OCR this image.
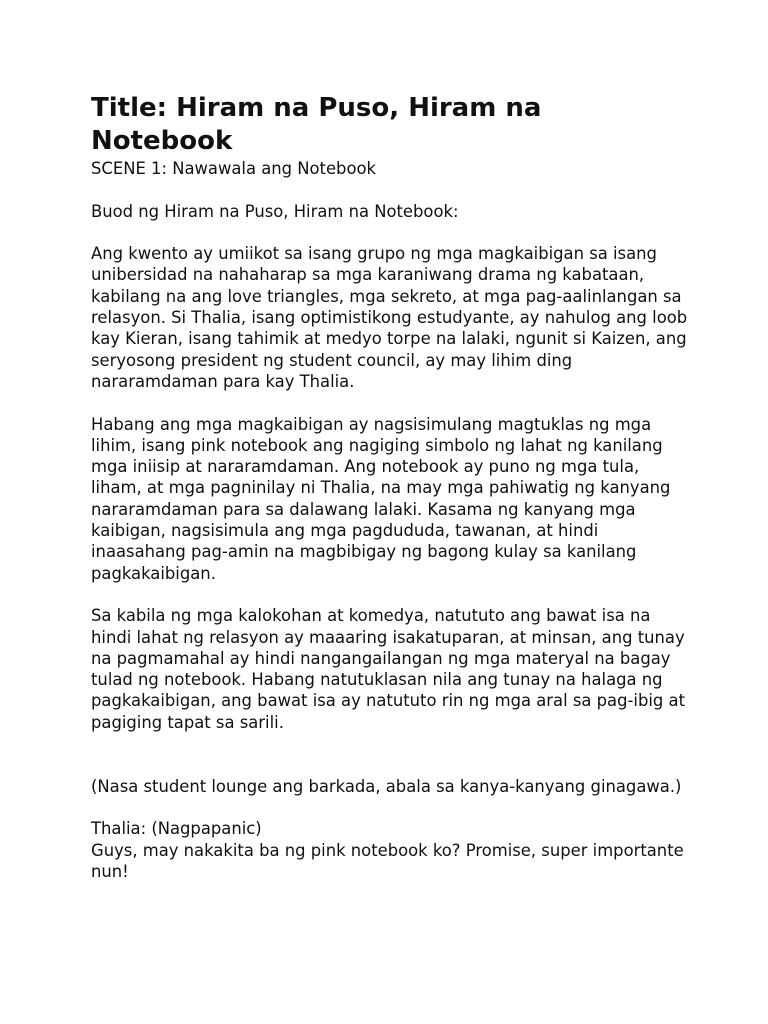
Title: Hiram na Puso, Hiram na Notebook

SCENE 1: Nawawala ang Notebook

Buod ng Hiram na Puso, Hiram na Notebook:

Ang kwento ay umiikot sa isang grupo ng mga magkaibigan sa isang unibersidad na nahaharap sa mga karaniwang drama ng kabataan, kabilang na ang love triangles, mga sekreto, at mga pag-aalinlangan sa relasyon. Si Thalia, isang optimistikong estudyante, ay nahulog ang loob kay Kieran, isang tahimik at medyo torpe na lalaki, ngunit si Kaizen, ang seryosong president ng student council, ay may lihim ding nararamdaman para kay Thalia.

Habang ang mga magkaibigan ay nagsisimulang magtuklas ng mga lihim, isang pink notebook ang nagiging simbolo ng lahat ng kanilang mga iniisip at nararamdaman. Ang notebook ay puno ng mga tula, liham, at mga pagninilay ni Thalia, na may mga pahiwatig ng kanyang nararamdaman para sa dalawang lalaki. Kasama ng kanyang mga kaibigan, nagsisimula ang mga pagdududa, tawanan, at hindi inaasahang pag-amin na magbibigay ng bagong kulay sa kanilang pagkakaibigan.

Sa kabila ng mga kalokohan at komedya, natututo ang bawat isa na hindi lahat ng relasyon ay maaaring isakatuparan, at minsan, ang tunay na pagmamahal ay hindi nangangailangan ng mga materyal na bagay tulad ng notebook. Habang natutuklasan nila ang tunay na halaga ng pagkakaibigan, ang bawat isa ay natututo rin ng mga aral sa pag-ibig at pagiging tapat sa sarili.

(Nasa student lounge ang barkada, abala sa kanya-kanyang ginagawa.)

Thalia: (Nagpapanic)

Guys, may nakakita ba ng pink notebook ko? Promise, super importante nun!
